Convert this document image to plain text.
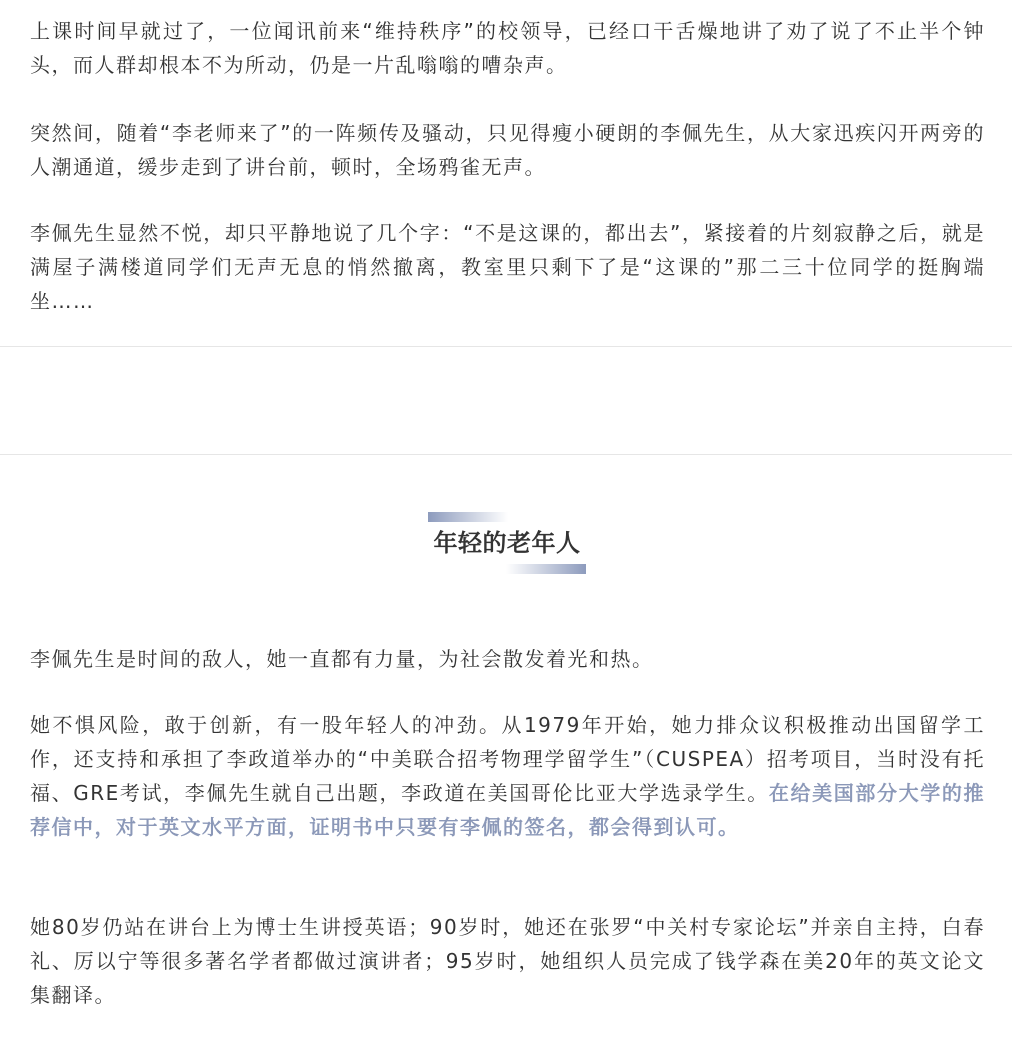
上课时间早就过了，一位闻讯前来“维持秩序”的校领导，已经口干舌燥地讲了劝了说了不止半个钟头，而人群却根本不为所动，仍是一片乱嗡嗡的嘈杂声。

突然间，随着“李老师来了”的一阵频传及骚动，只见得瘦小硬朗的李佩先生，从大家迅疾闪开两旁的人潮通道，缓步走到了讲台前，顿时，全场鸦雀无声。

李佩先生显然不悦，却只平静地说了几个字：“不是这课的，都出去”，紧接着的片刻寂静之后，就是满屋子满楼道同学们无声无息的悄然撤离，教室里只剩下了是“这课的”那二三十位同学的挺胸端坐……

年轻的老年人

李佩先生是时间的敌人，她一直都有力量，为社会散发着光和热。

她不惧风险，敢于创新，有一股年轻人的冲劲。从1979年开始，她力排众议积极推动出国留学工作，还支持和承担了李政道举办的“中美联合招考物理学留学生”（CUSPEA）招考项目，当时没有托福、GRE考试，李佩先生就自己出题，李政道在美国哥伦比亚大学选录学生。在给美国部分大学的推荐信中，对于英文水平方面，证明书中只要有李佩的签名，都会得到认可。

她80岁仍站在讲台上为博士生讲授英语；90岁时，她还在张罗“中关村专家论坛”并亲自主持，白春礼、厉以宁等很多著名学者都做过演讲者；95岁时，她组织人员完成了钱学森在美20年的英文论文集翻译。
